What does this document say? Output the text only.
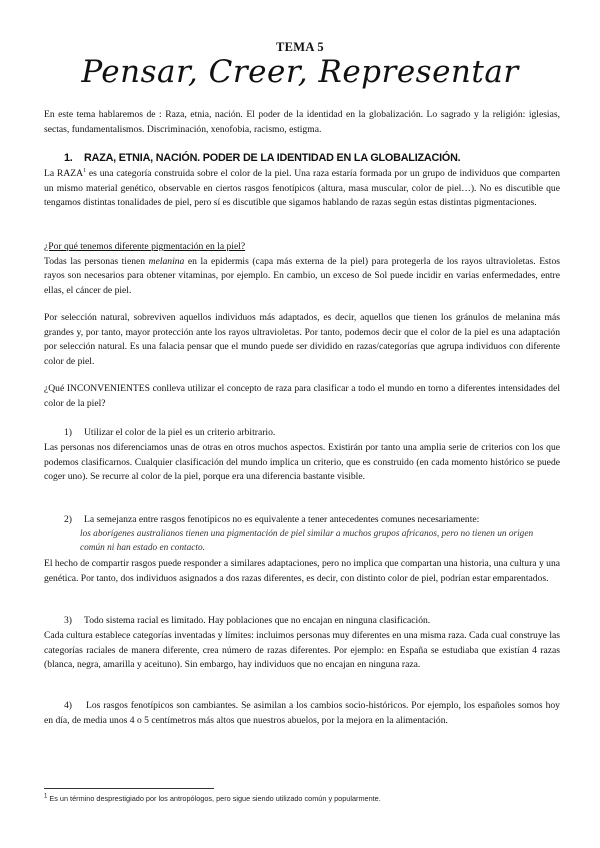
TEMA 5
Pensar, Creer, Representar

En este tema hablaremos de : Raza, etnia, nación. El poder de la identidad en la globalización. Lo sagrado y la religión: iglesias, sectas, fundamentalismos. Discriminación, xenofobia, racismo, estigma.

1. RAZA, ETNIA, NACIÓN. PODER DE LA IDENTIDAD EN LA GLOBALIZACIÓN.

La RAZA$^1$ es una categoría construida sobre el color de la piel. Una raza estaría formada por un grupo de individuos que comparten un mismo material genético, observable en ciertos rasgos fenotípicos (altura, masa muscular, color de piel…). No es discutible que tengamos distintas tonalidades de piel, pero sí es discutible que sigamos hablando de razas según estas distintas pigmentaciones.

¿Por qué tenemos diferente pigmentación en la piel?
Todas las personas tienen melanina en la epidermis (capa más externa de la piel) para protegerla de los rayos ultravioletas. Estos rayos son necesarios para obtener vitaminas, por ejemplo. En cambio, un exceso de Sol puede incidir en varias enfermedades, entre ellas, el cáncer de piel.

Por selección natural, sobreviven aquellos individuos más adaptados, es decir, aquellos que tienen los gránulos de melanina más grandes y, por tanto, mayor protección ante los rayos ultravioletas. Por tanto, podemos decir que el color de la piel es una adaptación por selección natural. Es una falacia pensar que el mundo puede ser dividido en razas/categorías que agrupa individuos con diferente color de piel.

¿Qué INCONVENIENTES conlleva utilizar el concepto de raza para clasificar a todo el mundo en torno a diferentes intensidades del color de la piel?

1) Utilizar el color de la piel es un criterio arbitrario.

Las personas nos diferenciamos unas de otras en otros muchos aspectos. Existirán por tanto una amplia serie de criterios con los que podemos clasificarnos. Cualquier clasificación del mundo implica un criterio, que es construido (en cada momento histórico se puede coger uno). Se recurre al color de la piel, porque era una diferencia bastante visible.

2) La semejanza entre rasgos fenotípicos no es equivalente a tener antecedentes comunes necesariamente:
los aborígenes australianos tienen una pigmentación de piel similar a muchos grupos africanos, pero no tienen un origen común ni han estado en contacto.

El hecho de compartir rasgos puede responder a similares adaptaciones, pero no implica que compartan una historia, una cultura y una genética. Por tanto, dos individuos asignados a dos razas diferentes, es decir, con distinto color de piel, podrían estar emparentados.

3) Todo sistema racial es limitado. Hay poblaciones que no encajan en ninguna clasificación.

Cada cultura establece categorías inventadas y límites: incluimos personas muy diferentes en una misma raza. Cada cual construye las categorías raciales de manera diferente, crea número de razas diferentes. Por ejemplo: en España se estudiaba que existían 4 razas (blanca, negra, amarilla y aceituno). Sin embargo, hay individuos que no encajan en ninguna raza.

4) Los rasgos fenotípicos son cambiantes. Se asimilan a los cambios socio-históricos. Por ejemplo, los españoles somos hoy en día, de media unos 4 o 5 centímetros más altos que nuestros abuelos, por la mejora en la alimentación.

$^1$ Es un término desprestigiado por los antropólogos, pero sigue siendo utilizado común y popularmente.
